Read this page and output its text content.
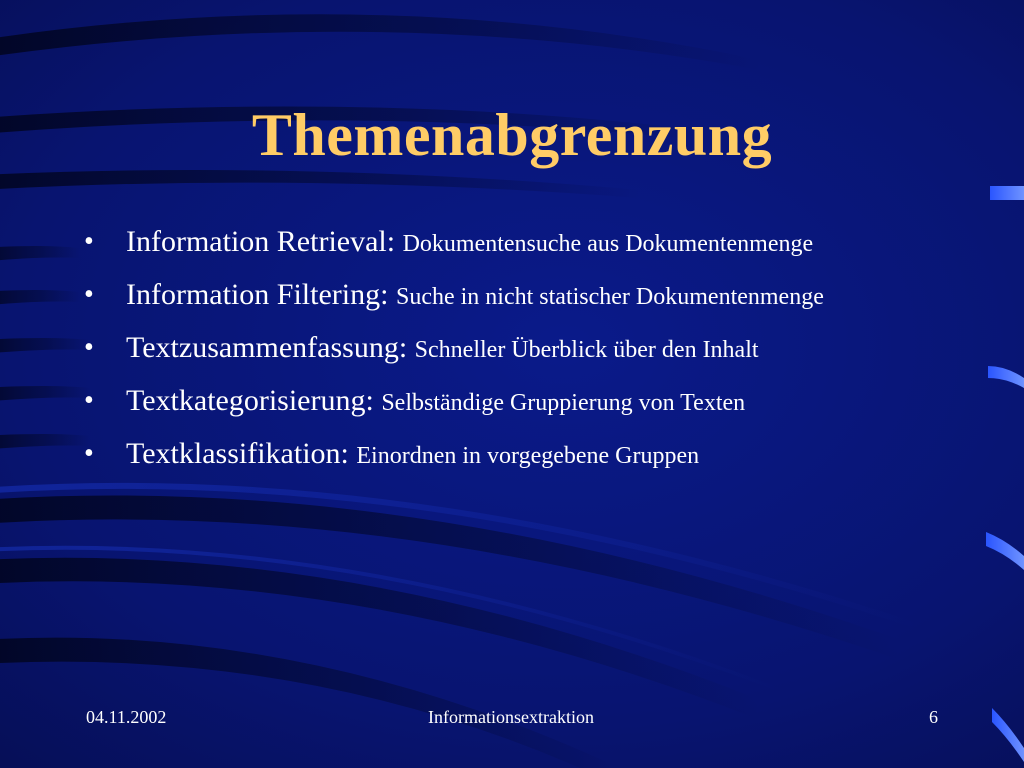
Themenabgrenzung
• Information Retrieval: Dokumentensuche aus Dokumentenmenge
• Information Filtering: Suche in nicht statischer Dokumentenmenge
• Textzusammenfassung: Schneller Überblick über den Inhalt
• Textkategorisierung: Selbständige Gruppierung von Texten
• Textklassifikation: Einordnen in vorgegebene Gruppen
04.11.2002	Informationsextraktion	6
